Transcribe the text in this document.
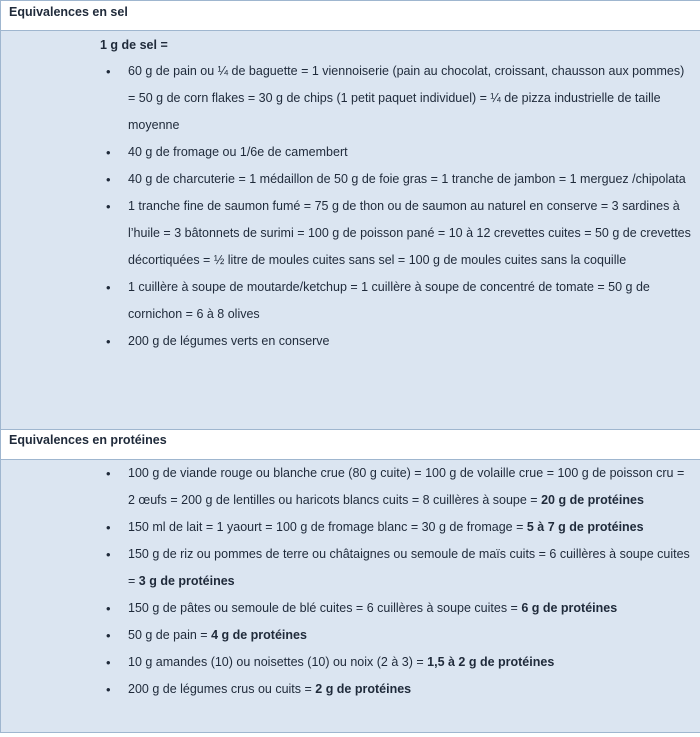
Equivalences en sel
1 g de sel =
• 60 g de pain ou ¼ de baguette = 1 viennoiserie (pain au chocolat, croissant, chausson aux pommes) = 50 g de corn flakes = 30 g de chips (1 petit paquet individuel) = ¼ de pizza industrielle de taille moyenne
• 40 g de fromage ou 1/6e de camembert
• 40 g de charcuterie = 1 médaillon de 50 g de foie gras = 1 tranche de jambon = 1 merguez /chipolata
• 1 tranche fine de saumon fumé = 75 g de thon ou de saumon au naturel en conserve = 3 sardines à l’huile = 3 bâtonnets de surimi = 100 g de poisson pané = 10 à 12 crevettes cuites = 50 g de crevettes décortiquées = ½ litre de moules cuites sans sel = 100 g de moules cuites sans la coquille
• 1 cuillère à soupe de moutarde/ketchup = 1 cuillère à soupe de concentré de tomate = 50 g de cornichon = 6 à 8 olives
• 200 g de légumes verts en conserve
Equivalences en protéines
• 100 g de viande rouge ou blanche crue (80 g cuite) = 100 g de volaille crue = 100 g de poisson cru = 2 œufs = 200 g de lentilles ou haricots blancs cuits = 8 cuillères à soupe = 20 g de protéines
• 150 ml de lait = 1 yaourt = 100 g de fromage blanc = 30 g de fromage = 5 à 7 g de protéines
• 150 g de riz ou pommes de terre ou châtaignes ou semoule de maïs cuits = 6 cuillères à soupe cuites = 3 g de protéines
• 150 g de pâtes ou semoule de blé cuites = 6 cuillères à soupe cuites = 6 g de protéines
• 50 g de pain = 4 g de protéines
• 10 g amandes (10) ou noisettes (10) ou noix (2 à 3) = 1,5 à 2 g de protéines
• 200 g de légumes crus ou cuits = 2 g de protéines
